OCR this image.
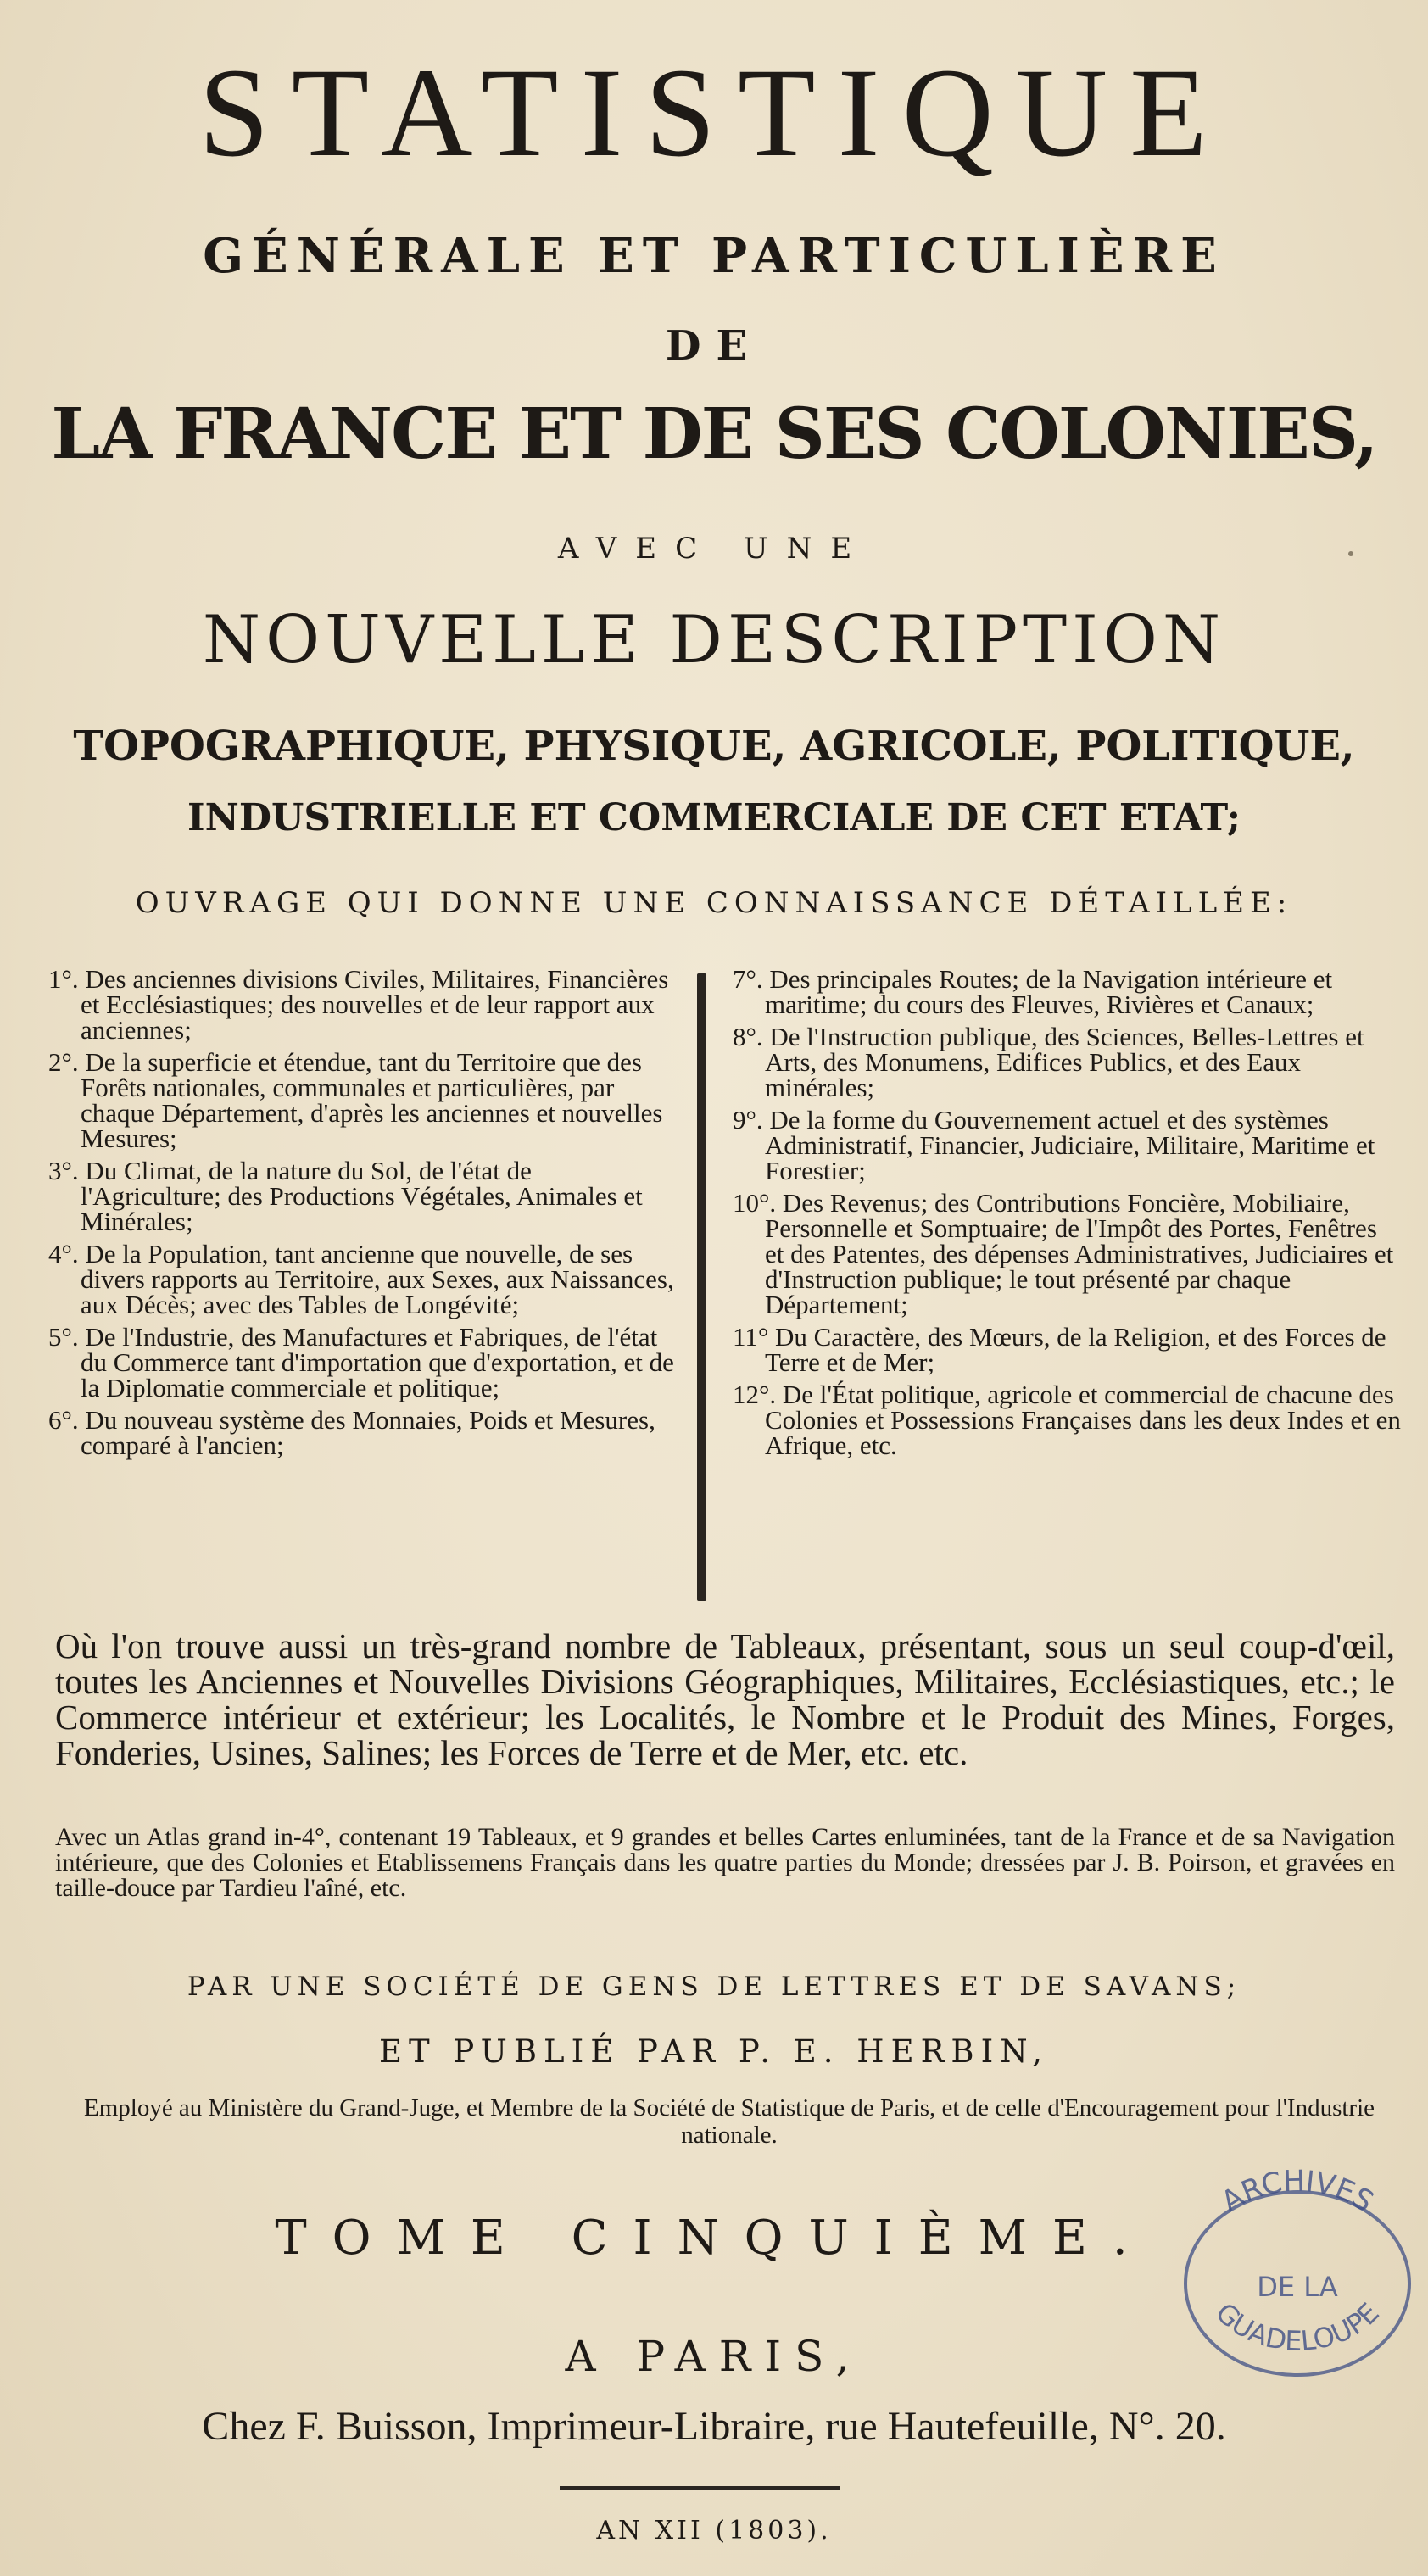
STATISTIQUE
GÉNÉRALE ET PARTICULIÈRE
DE
LA FRANCE ET DE SES COLONIES,
AVEC UNE
NOUVELLE DESCRIPTION
TOPOGRAPHIQUE, PHYSIQUE, AGRICOLE, POLITIQUE,
INDUSTRIELLE ET COMMERCIALE DE CET ETAT;
OUVRAGE QUI DONNE UNE CONNAISSANCE DÉTAILLÉE:
1°. Des anciennes divisions Civiles, Militaires, Financières et Ecclésiastiques; des nouvelles et de leur rapport aux anciennes;
2°. De la superficie et étendue, tant du Territoire que des Forêts nationales, communales et particulières, par chaque Département, d'après les anciennes et nouvelles Mesures;
3°. Du Climat, de la nature du Sol, de l'état de l'Agriculture; des Productions Végétales, Animales et Minérales;
4°. De la Population, tant ancienne que nouvelle, de ses divers rapports au Territoire, aux Sexes, aux Naissances, aux Décès; avec des Tables de Longévité;
5°. De l'Industrie, des Manufactures et Fabriques, de l'état du Commerce tant d'importation que d'exportation, et de la Diplomatie commerciale et politique;
6°. Du nouveau système des Monnaies, Poids et Mesures, comparé à l'ancien;
7°. Des principales Routes; de la Navigation intérieure et maritime; du cours des Fleuves, Rivières et Canaux;
8°. De l'Instruction publique, des Sciences, Belles-Lettres et Arts, des Monumens, Edifices Publics, et des Eaux minérales;
9°. De la forme du Gouvernement actuel et des systèmes Administratif, Financier, Judiciaire, Militaire, Maritime et Forestier;
10°. Des Revenus; des Contributions Foncière, Mobiliaire, Personnelle et Somptuaire; de l'Impôt des Portes, Fenêtres et des Patentes, des dépenses Administratives, Judiciaires et d'Instruction publique; le tout présenté par chaque Département;
11° Du Caractère, des Mœurs, de la Religion, et des Forces de Terre et de Mer;
12°. De l'État politique, agricole et commercial de chacune des Colonies et Possessions Françaises dans les deux Indes et en Afrique, etc.
Où l'on trouve aussi un très-grand nombre de Tableaux, présentant, sous un seul coup-d'œil, toutes les Anciennes et Nouvelles Divisions Géographiques, Militaires, Ecclésiastiques, etc.; le Commerce intérieur et extérieur; les Localités, le Nombre et le Produit des Mines, Forges, Fonderies, Usines, Salines; les Forces de Terre et de Mer, etc. etc.
Avec un Atlas grand in-4°, contenant 19 Tableaux, et 9 grandes et belles Cartes enluminées, tant de la France et de sa Navigation intérieure, que des Colonies et Etablissemens Français dans les quatre parties du Monde; dressées par J. B. Poirson, et gravées en taille-douce par Tardieu l'aîné, etc.
PAR UNE SOCIÉTÉ DE GENS DE LETTRES ET DE SAVANS;
ET PUBLIÉ PAR P. E. HERBIN,
Employé au Ministère du Grand-Juge, et Membre de la Société de Statistique de Paris, et de celle d'Encouragement pour l'Industrie nationale.
TOME CINQUIÈME.
ARCHIVES
DE LA
GUADELOUPE
A PARIS,
Chez F. Buisson, Imprimeur-Libraire, rue Hautefeuille, N°. 20.
AN XII (1803).
